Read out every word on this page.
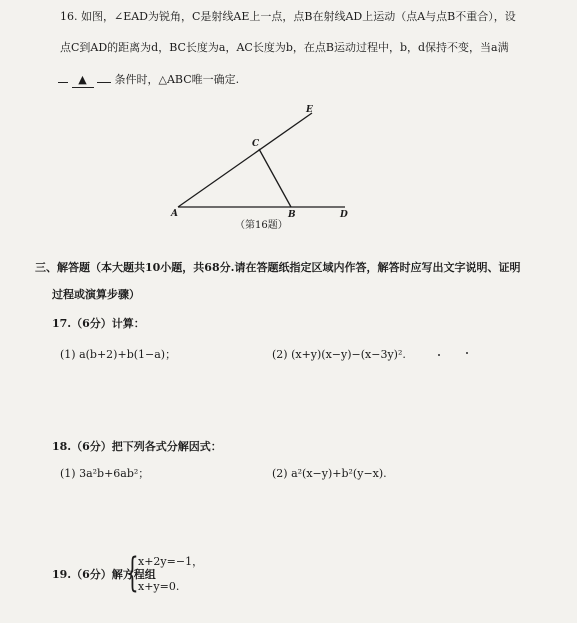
16. 如图，∠EAD为锐角，C是射线AE上一点，点B在射线AD上运动（点A与点B不重合），设
点C到AD的距离为d，BC长度为a，AC长度为b，在点B运动过程中，b，d保持不变，当a满
▲	条件时，△ABC唯一确定.
A	B
C
D
E
（第16题）
三、解答题（本大题共10小题，共68分.请在答题纸指定区域内作答，解答时应写出文字说明、证明
过程或演算步骤）
17.（6分）计算：
(1) a(b+2)+b(1−a)；	(2) (x+y)(x−y)−(x−3y)².
18.（6分）把下列各式分解因式：
(1) 3a²b+6ab²；	(2) a²(x−y)+b²(y−x).
19.（6分）解方程组
{ x+2y=−1，
x+y=0.
